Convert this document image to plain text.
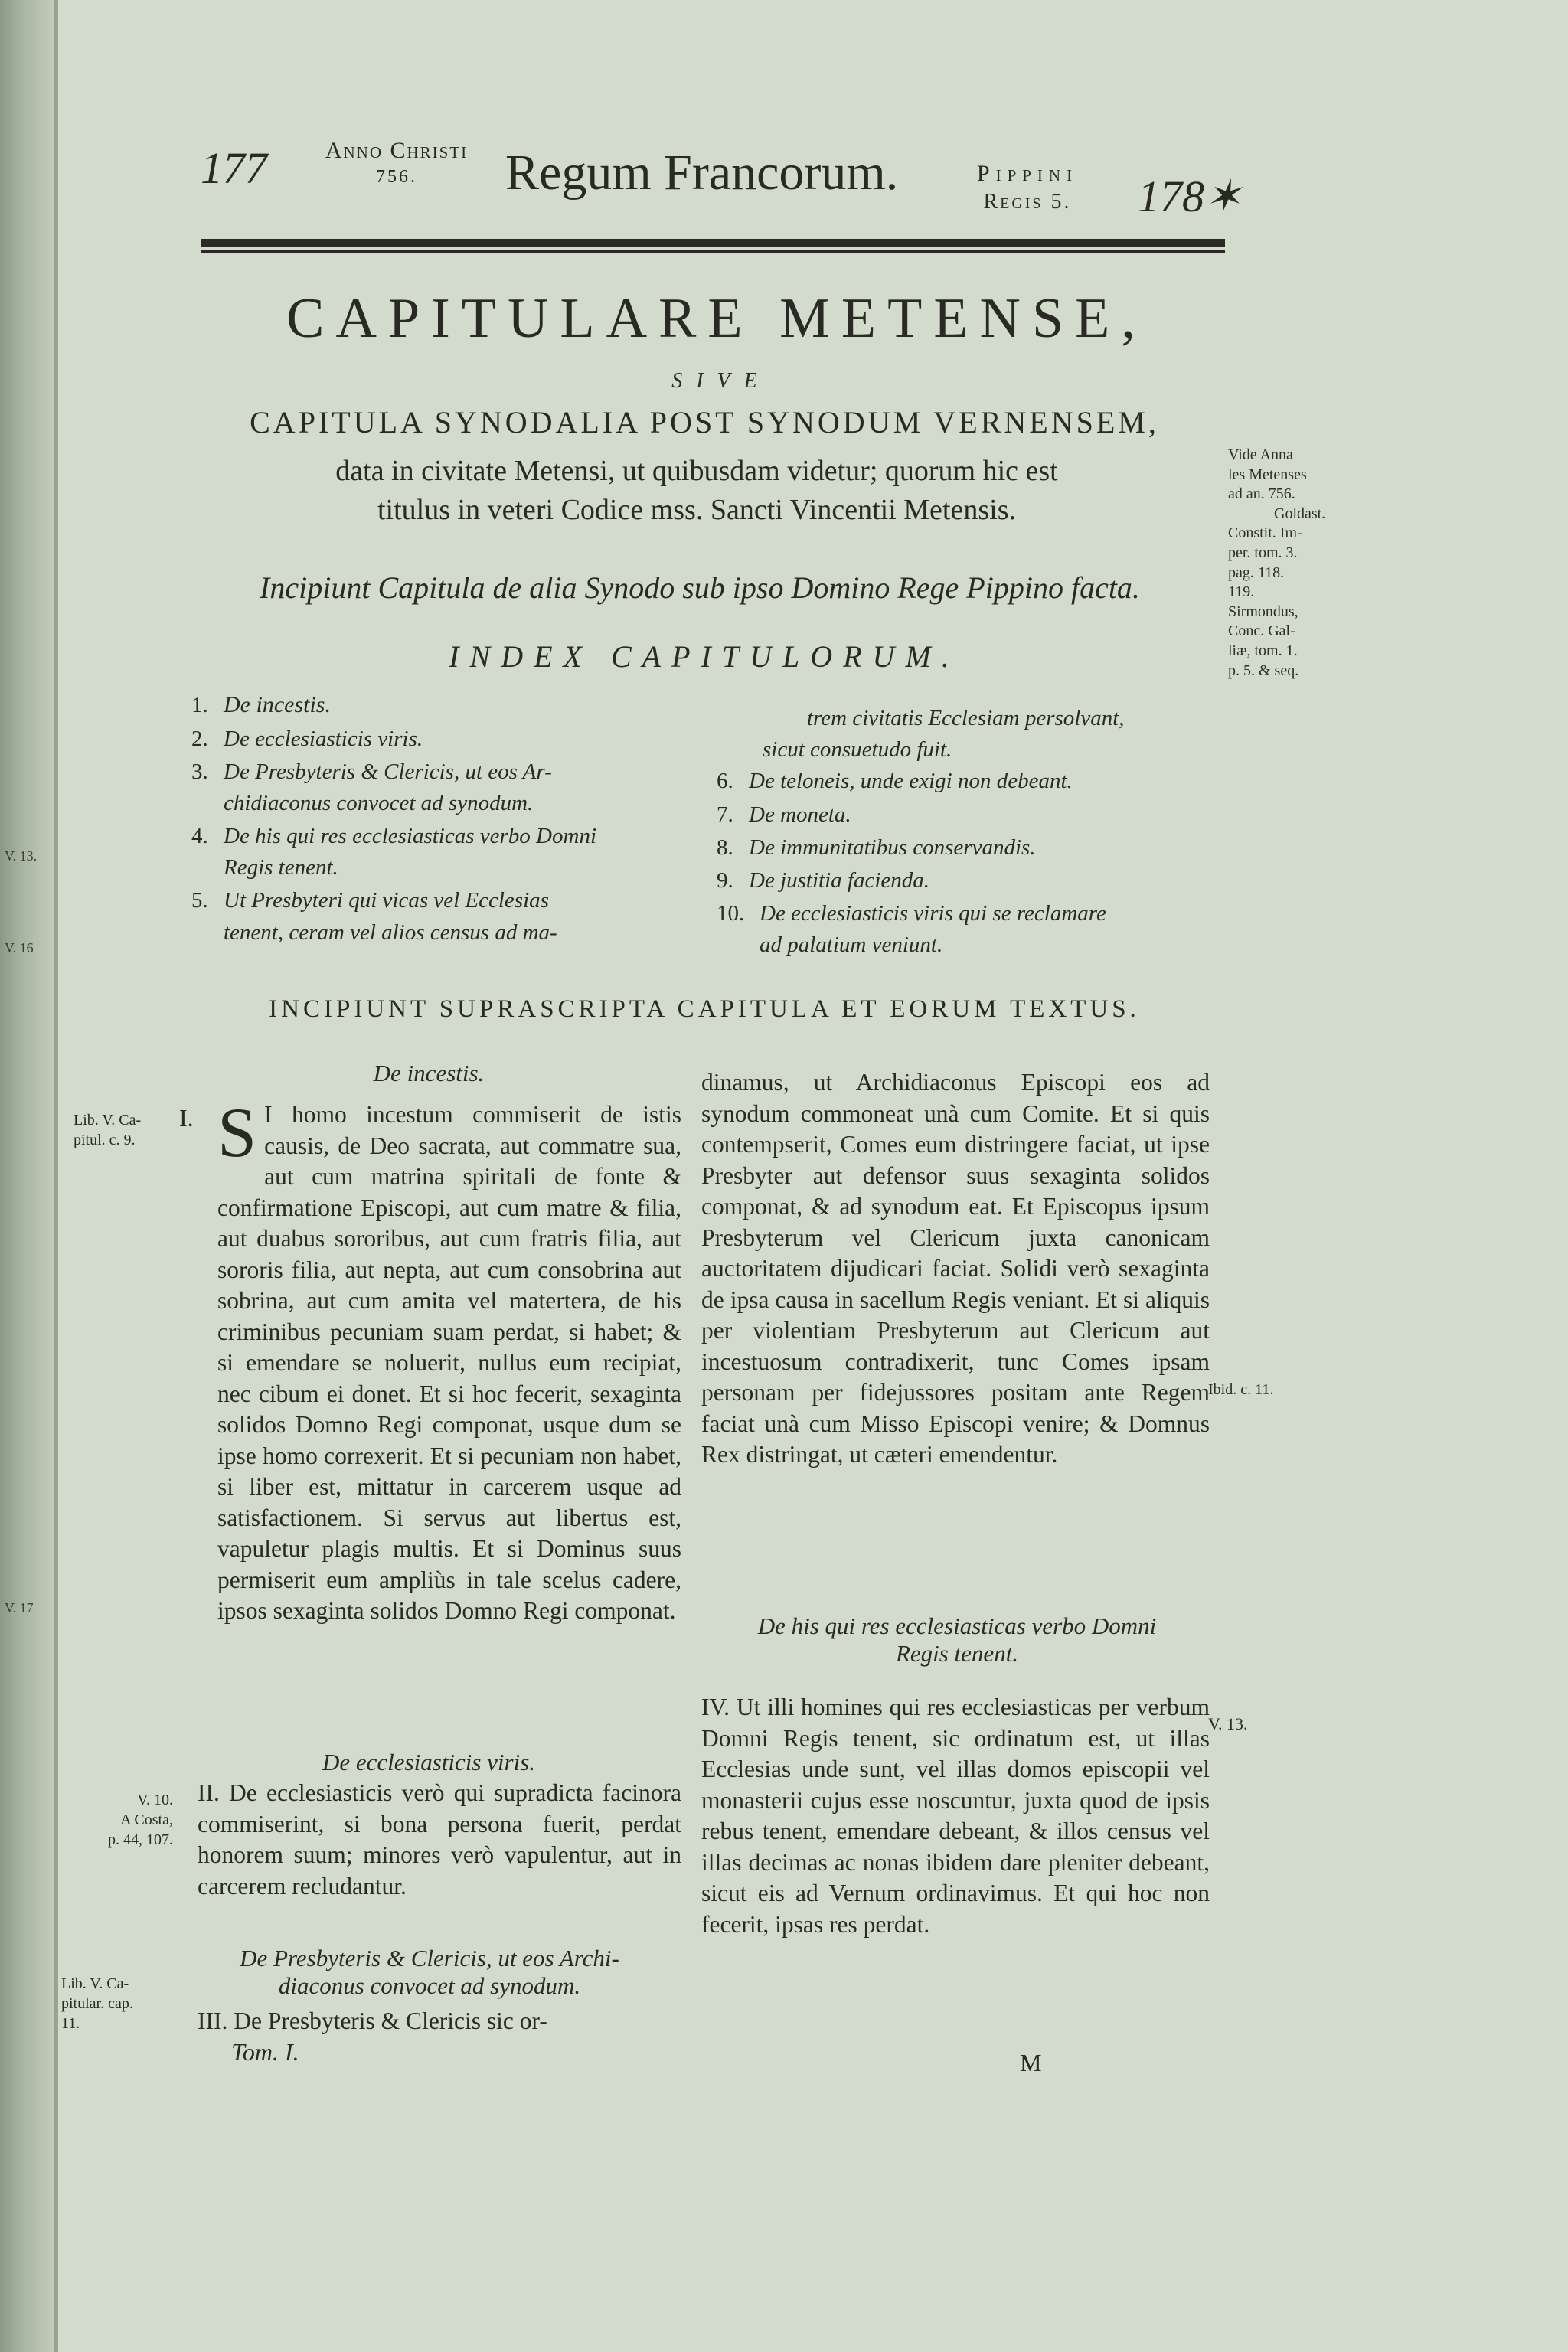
V. 13.
V. 16
V. 17
177	Anno Christi
756.	Regum Francorum.	Pippini
Regis 5.	178✶
CAPITULARE METENSE,
SIVE
CAPITULA SYNODALIA POST SYNODUM VERNENSEM,
data in civitate Metensi, ut quibusdam videtur; quorum hic est
titulus in veteri Codice mss. Sancti Vincentii Metensis.
Incipiunt Capitula de alia Synodo sub ipso Domino Rege Pippino facta.
Vide Anna
les Metenses
ad an. 756.
Goldast.
Constit. Im-
per. tom. 3.
pag. 118.
119.
Sirmondus,
Conc. Gal-
liæ, tom. 1.
p. 5. & seq.
INDEX CAPITULORUM.
1. De incestis.
2. De ecclesiasticis viris.
3. De Presbyteris & Clericis, ut eos Ar-
chidiaconus convocet ad synodum.
4. De his qui res ecclesiasticas verbo Domni
Regis tenent.
5. Ut Presbyteri qui vicas vel Ecclesias
tenent, ceram vel alios census ad ma-
trem civitatis Ecclesiam persolvant,
sicut consuetudo fuit.
6. De teloneis, unde exigi non debeant.
7. De moneta.
8. De immunitatibus conservandis.
9. De justitia facienda.
10. De ecclesiasticis viris qui se reclamare
ad palatium veniunt.
INCIPIUNT SUPRASCRIPTA CAPITULA ET EORUM TEXTUS.
Lib. V. Ca-
pitul. c. 9.
V. 10.
A Costa,
p. 44, 107.
Lib. V. Ca-
pitular. cap.
11.
De incestis.
I. S I homo incestum commiserit de istis causis, de Deo sacrata, aut commatre sua, aut cum matrina spiritali de fonte & confirmatione Episcopi, aut cum matre & filia, aut duabus sororibus, aut cum fratris filia, aut sororis filia, aut nepta, aut cum consobrina aut sobrina, aut cum amita vel matertera, de his criminibus pecuniam suam perdat, si habet; & si emendare se noluerit, nullus eum recipiat, nec cibum ei donet. Et si hoc fecerit, sexaginta solidos Domno Regi componat, usque dum se ipse homo correxerit. Et si pecuniam non habet, si liber est, mittatur in carcerem usque ad satisfactionem. Si servus aut libertus est, vapuletur plagis multis. Et si Dominus suus permiserit eum ampliùs in tale scelus cadere, ipsos sexaginta solidos Domno Regi componat.
De ecclesiasticis viris.
II. De ecclesiasticis verò qui supradicta facinora commiserint, si bona persona fuerit, perdat honorem suum; minores verò vapulentur, aut in carcerem recludantur.
De Presbyteris & Clericis, ut eos Archi-
diaconus convocet ad synodum.
III. De Presbyteris & Clericis sic or-
Tom. I.
dinamus, ut Archidiaconus Episcopi eos ad synodum commoneat unà cum Comite. Et si quis contempserit, Comes eum distringere faciat, ut ipse Presbyter aut defensor suus sexaginta solidos componat, & ad synodum eat. Et Episcopus ipsum Presbyterum vel Clericum juxta canonicam auctoritatem dijudicari faciat. Solidi verò sexaginta de ipsa causa in sacellum Regis veniant. Et si aliquis per violentiam Presbyterum aut Clericum aut incestuosum contradixerit, tunc Comes ipsam personam per fidejussores positam ante Regem faciat unà cum Misso Episcopi venire; & Domnus Rex distringat, ut cæteri emendentur.
Ibid. c. 11.
De his qui res ecclesiasticas verbo Domni
Regis tenent.
IV. Ut illi homines qui res ecclesiasticas per verbum Domni Regis tenent, sic ordinatum est, ut illas Ecclesias unde sunt, vel illas domos episcopii vel monasterii cujus esse noscuntur, juxta quod de ipsis rebus tenent, emendare debeant, & illos census vel illas decimas ac nonas ibidem dare pleniter debeant, sicut eis ad Vernum ordinavimus. Et qui hoc non fecerit, ipsas res perdat.
V. 13.
M
